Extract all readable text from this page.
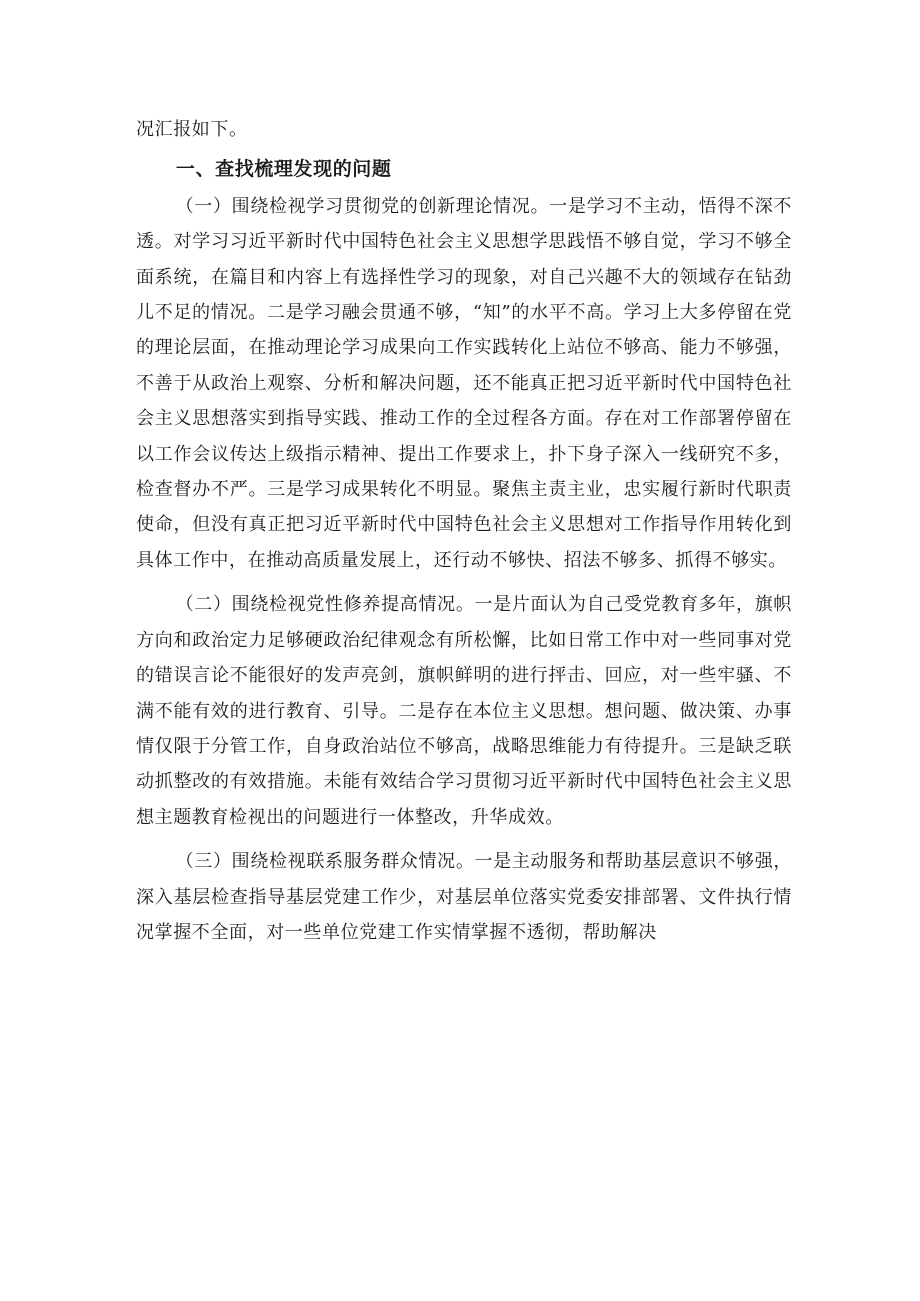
况汇报如下。

一、查找梳理发现的问题

（一）围绕检视学习贯彻党的创新理论情况。一是学习不主动，悟得不深不透。对学习习近平新时代中国特色社会主义思想学思践悟不够自觉，学习不够全面系统，在篇目和内容上有选择性学习的现象，对自己兴趣不大的领域存在钻劲儿不足的情况。二是学习融会贯通不够，“知”的水平不高。学习上大多停留在党的理论层面，在推动理论学习成果向工作实践转化上站位不够高、能力不够强，不善于从政治上观察、分析和解决问题，还不能真正把习近平新时代中国特色社会主义思想落实到指导实践、推动工作的全过程各方面。存在对工作部署停留在以工作会议传达上级指示精神、提出工作要求上，扑下身子深入一线研究不多，检查督办不严。三是学习成果转化不明显。聚焦主责主业，忠实履行新时代职责使命，但没有真正把习近平新时代中国特色社会主义思想对工作指导作用转化到具体工作中，在推动高质量发展上，还行动不够快、招法不够多、抓得不够实。

（二）围绕检视党性修养提高情况。一是片面认为自己受党教育多年，旗帜方向和政治定力足够硬政治纪律观念有所松懈，比如日常工作中对一些同事对党的错误言论不能很好的发声亮剑，旗帜鲜明的进行抨击、回应，对一些牢骚、不满不能有效的进行教育、引导。二是存在本位主义思想。想问题、做决策、办事情仅限于分管工作，自身政治站位不够高，战略思维能力有待提升。三是缺乏联动抓整改的有效措施。未能有效结合学习贯彻习近平新时代中国特色社会主义思想主题教育检视出的问题进行一体整改，升华成效。

（三）围绕检视联系服务群众情况。一是主动服务和帮助基层意识不够强，深入基层检查指导基层党建工作少，对基层单位落实党委安排部署、文件执行情况掌握不全面，对一些单位党建工作实情掌握不透彻，帮助解决
